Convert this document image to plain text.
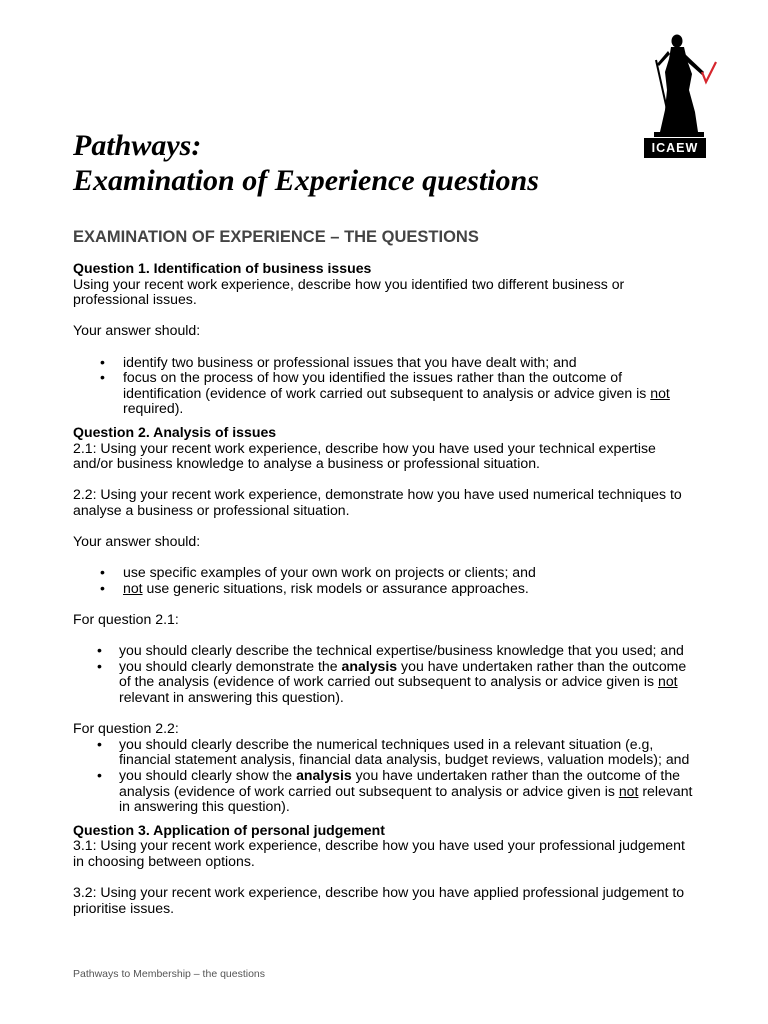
ICAEW
Pathways:
Examination of Experience questions
EXAMINATION OF EXPERIENCE – THE QUESTIONS

Question 1. Identification of business issues

Using your recent work experience, describe how you identified two different business or professional issues.

Your answer should:

• identify two business or professional issues that you have dealt with; and
• focus on the process of how you identified the issues rather than the outcome of identification (evidence of work carried out subsequent to analysis or advice given is not required).

Question 2. Analysis of issues

2.1: Using your recent work experience, describe how you have used your technical expertise and/or business knowledge to analyse a business or professional situation.

2.2: Using your recent work experience, demonstrate how you have used numerical techniques to analyse a business or professional situation.

Your answer should:

• use specific examples of your own work on projects or clients; and
• not use generic situations, risk models or assurance approaches.

For question 2.1:

• you should clearly describe the technical expertise/business knowledge that you used; and
• you should clearly demonstrate the analysis you have undertaken rather than the outcome of the analysis (evidence of work carried out subsequent to analysis or advice given is not relevant in answering this question).

For question 2.2:

• you should clearly describe the numerical techniques used in a relevant situation (e.g, financial statement analysis, financial data analysis, budget reviews, valuation models); and
• you should clearly show the analysis you have undertaken rather than the outcome of the analysis (evidence of work carried out subsequent to analysis or advice given is not relevant in answering this question).

Question 3. Application of personal judgement

3.1: Using your recent work experience, describe how you have used your professional judgement in choosing between options.

3.2: Using your recent work experience, describe how you have applied professional judgement to prioritise issues.

Pathways to Membership – the questions
